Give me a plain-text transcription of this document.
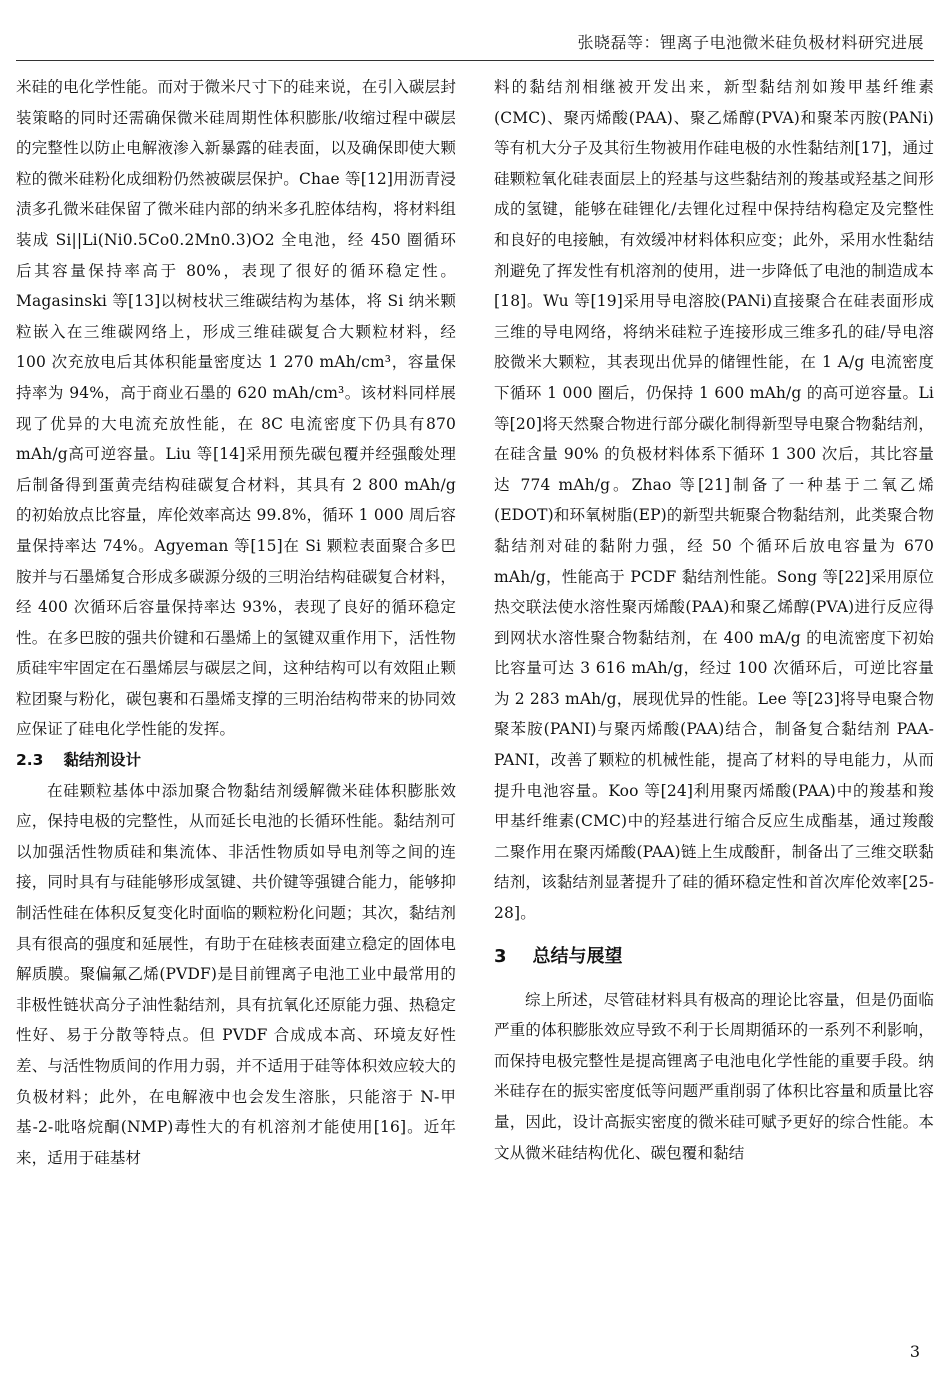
张晓磊等：锂离子电池微米硅负极材料研究进展

米硅的电化学性能。而对于微米尺寸下的硅来说，在引入碳层封装策略的同时还需确保微米硅周期性体积膨胀/收缩过程中碳层的完整性以防止电解液渗入新暴露的硅表面，以及确保即使大颗粒的微米硅粉化成细粉仍然被碳层保护。Chae 等[12]用沥青浸渍多孔微米硅保留了微米硅内部的纳米多孔腔体结构，将材料组装成 Si||Li(Ni0.5Co0.2Mn0.3)O2 全电池，经 450 圈循环后其容量保持率高于 80%，表现了很好的循环稳定性。Magasinski 等[13]以树枝状三维碳结构为基体，将 Si 纳米颗粒嵌入在三维碳网络上，形成三维硅碳复合大颗粒材料，经 100 次充放电后其体积能量密度达 1 270 mAh/cm³，容量保持率为 94%，高于商业石墨的 620 mAh/cm³。该材料同样展现了优异的大电流充放性能，在 8C 电流密度下仍具有870 mAh/g高可逆容量。Liu 等[14]采用预先碳包覆并经强酸处理后制备得到蛋黄壳结构硅碳复合材料，其具有 2 800 mAh/g 的初始放点比容量，库伦效率高达 99.8%，循环 1 000 周后容量保持率达 74%。Agyeman 等[15]在 Si 颗粒表面聚合多巴胺并与石墨烯复合形成多碳源分级的三明治结构硅碳复合材料，经 400 次循环后容量保持率达 93%，表现了良好的循环稳定性。在多巴胺的强共价键和石墨烯上的氢键双重作用下，活性物质硅牢牢固定在石墨烯层与碳层之间，这种结构可以有效阻止颗粒团聚与粉化，碳包裹和石墨烯支撑的三明治结构带来的协同效应保证了硅电化学性能的发挥。

2.3 黏结剂设计

在硅颗粒基体中添加聚合物黏结剂缓解微米硅体积膨胀效应，保持电极的完整性，从而延长电池的长循环性能。黏结剂可以加强活性物质硅和集流体、非活性物质如导电剂等之间的连接，同时具有与硅能够形成氢键、共价键等强键合能力，能够抑制活性硅在体积反复变化时面临的颗粒粉化问题；其次，黏结剂具有很高的强度和延展性，有助于在硅核表面建立稳定的固体电解质膜。聚偏氟乙烯(PVDF)是目前锂离子电池工业中最常用的非极性链状高分子油性黏结剂，具有抗氧化还原能力强、热稳定性好、易于分散等特点。但 PVDF 合成成本高、环境友好性差、与活性物质间的作用力弱，并不适用于硅等体积效应较大的负极材料；此外，在电解液中也会发生溶胀，只能溶于 N-甲基-2-吡咯烷酮(NMP)毒性大的有机溶剂才能使用[16]。近年来，适用于硅基材

料的黏结剂相继被开发出来，新型黏结剂如羧甲基纤维素(CMC)、聚丙烯酸(PAA)、聚乙烯醇(PVA)和聚苯丙胺(PANi)等有机大分子及其衍生物被用作硅电极的水性黏结剂[17]，通过硅颗粒氧化硅表面层上的羟基与这些黏结剂的羧基或羟基之间形成的氢键，能够在硅锂化/去锂化过程中保持结构稳定及完整性和良好的电接触，有效缓冲材料体积应变；此外，采用水性黏结剂避免了挥发性有机溶剂的使用，进一步降低了电池的制造成本[18]。Wu 等[19]采用导电溶胶(PANi)直接聚合在硅表面形成三维的导电网络，将纳米硅粒子连接形成三维多孔的硅/导电溶胶微米大颗粒，其表现出优异的储锂性能，在 1 A/g 电流密度下循环 1 000 圈后，仍保持 1 600 mAh/g 的高可逆容量。Li 等[20]将天然聚合物进行部分碳化制得新型导电聚合物黏结剂，在硅含量 90% 的负极材料体系下循环 1 300 次后，其比容量达 774 mAh/g。Zhao 等[21]制备了一种基于二氧乙烯(EDOT)和环氧树脂(EP)的新型共轭聚合物黏结剂，此类聚合物黏结剂对硅的黏附力强，经 50 个循环后放电容量为 670 mAh/g，性能高于 PCDF 黏结剂性能。Song 等[22]采用原位热交联法使水溶性聚丙烯酸(PAA)和聚乙烯醇(PVA)进行反应得到网状水溶性聚合物黏结剂，在 400 mA/g 的电流密度下初始比容量可达 3 616 mAh/g，经过 100 次循环后，可逆比容量为 2 283 mAh/g，展现优异的性能。Lee 等[23]将导电聚合物聚苯胺(PANI)与聚丙烯酸(PAA)结合，制备复合黏结剂 PAA-PANI，改善了颗粒的机械性能，提高了材料的导电能力，从而提升电池容量。Koo 等[24]利用聚丙烯酸(PAA)中的羧基和羧甲基纤维素(CMC)中的羟基进行缩合反应生成酯基，通过羧酸二聚作用在聚丙烯酸(PAA)链上生成酸酐，制备出了三维交联黏结剂，该黏结剂显著提升了硅的循环稳定性和首次库伦效率[25-28]。

3 总结与展望

综上所述，尽管硅材料具有极高的理论比容量，但是仍面临严重的体积膨胀效应导致不利于长周期循环的一系列不利影响，而保持电极完整性是提高锂离子电池电化学性能的重要手段。纳米硅存在的振实密度低等问题严重削弱了体积比容量和质量比容量，因此，设计高振实密度的微米硅可赋予更好的综合性能。本文从微米硅结构优化、碳包覆和黏结

3
